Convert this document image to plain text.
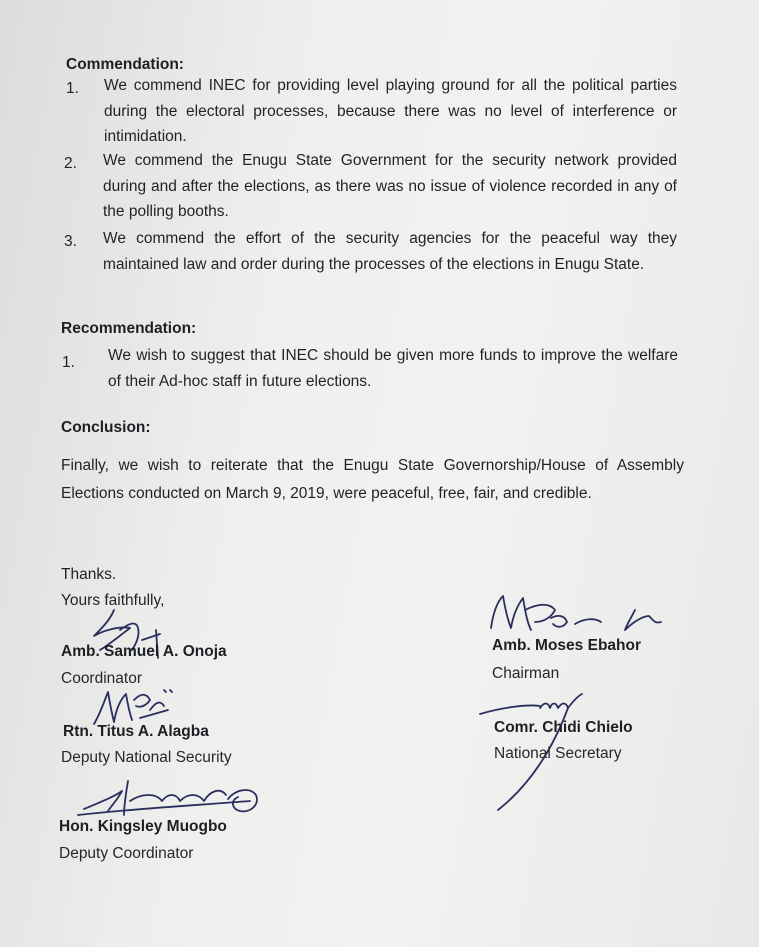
Commendation:
1. We commend INEC for providing level playing ground for all the political parties during the electoral processes, because there was no level of interference or intimidation.
2. We commend the Enugu State Government for the security network provided during and after the elections, as there was no issue of violence recorded in any of the polling booths.
3. We commend the effort of the security agencies for the peaceful way they maintained law and order during the processes of the elections in Enugu State.
Recommendation:
1. We wish to suggest that INEC should be given more funds to improve the welfare of their Ad-hoc staff in future elections.
Conclusion:
Finally, we wish to reiterate that the Enugu State Governorship/House of Assembly Elections conducted on March 9, 2019, were peaceful, free, fair, and credible.
Thanks.
Yours faithfully,
Amb. Samuel A. Onoja
Coordinator
Amb. Moses Ebahor
Chairman
Rtn. Titus A. Alagba
Deputy National Security
Comr. Chidi Chielo
National Secretary
Hon. Kingsley Muogbo
Deputy Coordinator
